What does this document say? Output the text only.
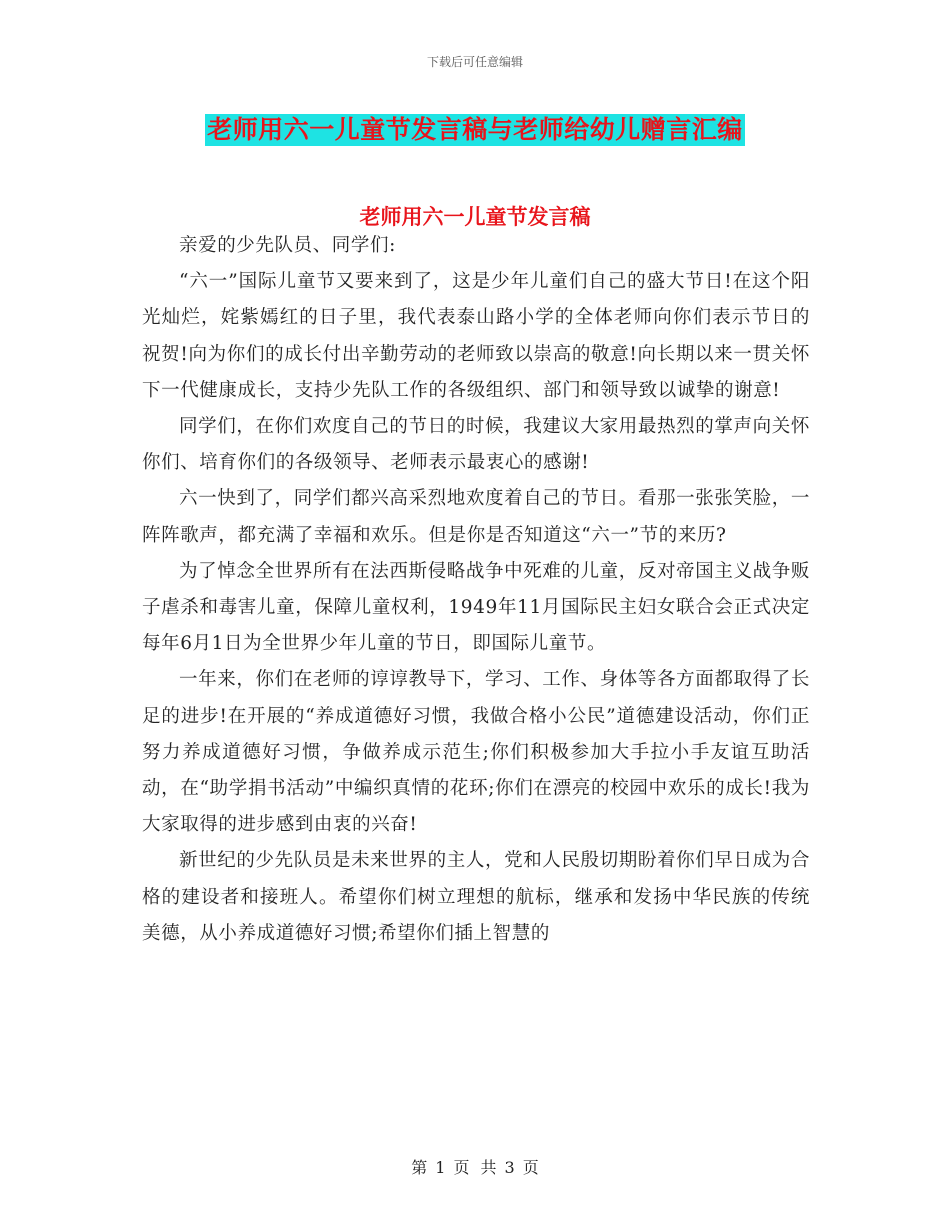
下载后可任意编辑
老师用六一儿童节发言稿与老师给幼儿赠言汇编
老师用六一儿童节发言稿

亲爱的少先队员、同学们:

“六一”国际儿童节又要来到了，这是少年儿童们自己的盛大节日!在这个阳光灿烂，姹紫嫣红的日子里，我代表泰山路小学的全体老师向你们表示节日的祝贺!向为你们的成长付出辛勤劳动的老师致以崇高的敬意!向长期以来一贯关怀下一代健康成长，支持少先队工作的各级组织、部门和领导致以诚挚的谢意!

同学们，在你们欢度自己的节日的时候，我建议大家用最热烈的掌声向关怀你们、培育你们的各级领导、老师表示最衷心的感谢!

六一快到了，同学们都兴高采烈地欢度着自己的节日。看那一张张笑脸，一阵阵歌声，都充满了幸福和欢乐。但是你是否知道这“六一”节的来历?

为了悼念全世界所有在法西斯侵略战争中死难的儿童，反对帝国主义战争贩子虐杀和毒害儿童，保障儿童权利，1949年11月国际民主妇女联合会正式决定每年6月1日为全世界少年儿童的节日，即国际儿童节。

一年来，你们在老师的谆谆教导下，学习、工作、身体等各方面都取得了长足的进步!在开展的“养成道德好习惯，我做合格小公民”道德建设活动，你们正努力养成道德好习惯，争做养成示范生;你们积极参加大手拉小手友谊互助活动，在“助学捐书活动”中编织真情的花环;你们在漂亮的校园中欢乐的成长!我为大家取得的进步感到由衷的兴奋!

新世纪的少先队员是未来世界的主人，党和人民殷切期盼着你们早日成为合格的建设者和接班人。希望你们树立理想的航标，继承和发扬中华民族的传统美德，从小养成道德好习惯;希望你们插上智慧的

第 1 页 共 3 页
